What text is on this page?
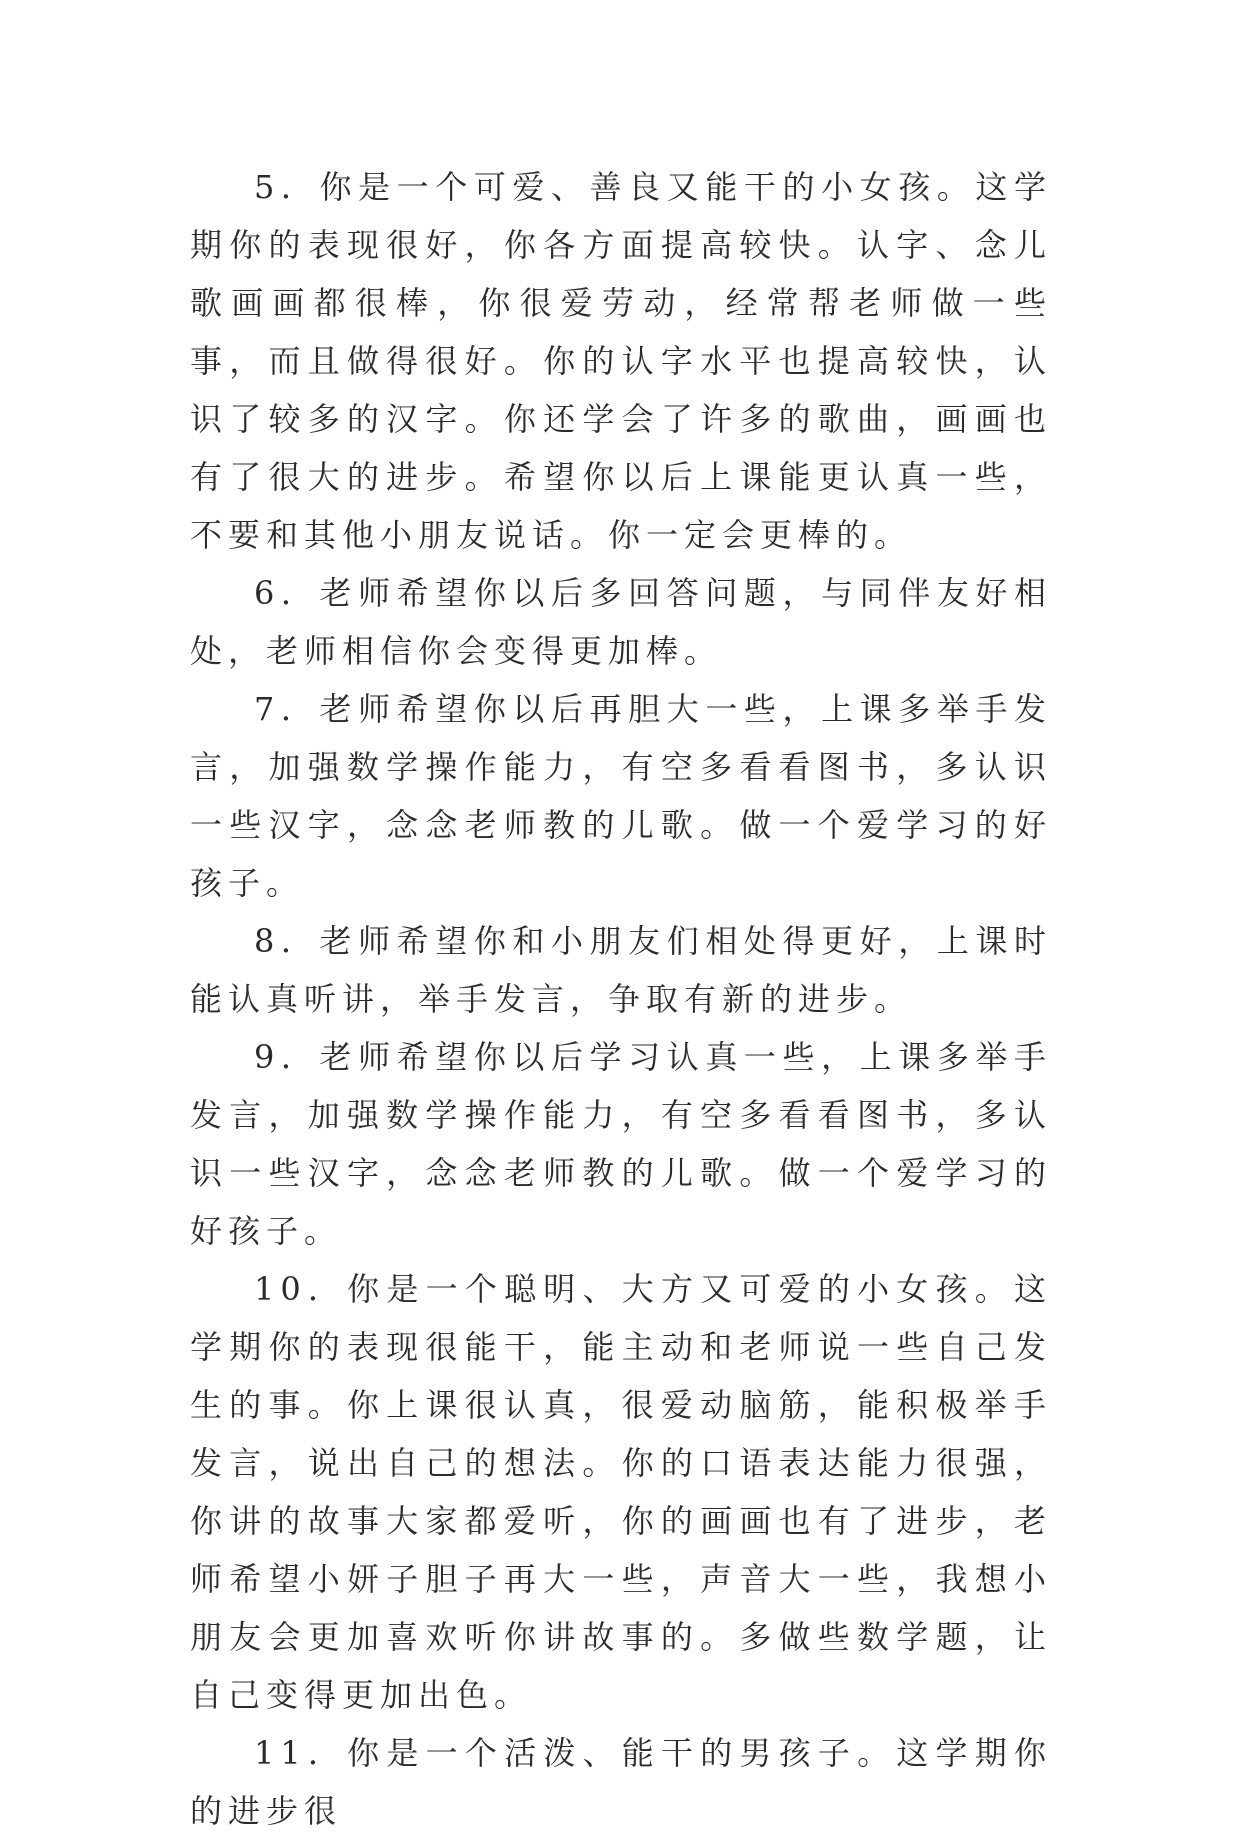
5．你是一个可爱、善良又能干的小女孩。这学期你的表现很好，你各方面提高较快。认字、念儿歌画画都很棒，你很爱劳动，经常帮老师做一些事，而且做得很好。你的认字水平也提高较快，认识了较多的汉字。你还学会了许多的歌曲，画画也有了很大的进步。希望你以后上课能更认真一些，不要和其他小朋友说话。你一定会更棒的。

6．老师希望你以后多回答问题，与同伴友好相处，老师相信你会变得更加棒。

7．老师希望你以后再胆大一些，上课多举手发言，加强数学操作能力，有空多看看图书，多认识一些汉字，念念老师教的儿歌。做一个爱学习的好孩子。

8．老师希望你和小朋友们相处得更好，上课时能认真听讲，举手发言，争取有新的进步。

9．老师希望你以后学习认真一些，上课多举手发言，加强数学操作能力，有空多看看图书，多认识一些汉字，念念老师教的儿歌。做一个爱学习的好孩子。

10．你是一个聪明、大方又可爱的小女孩。这学期你的表现很能干，能主动和老师说一些自己发生的事。你上课很认真，很爱动脑筋，能积极举手发言，说出自己的想法。你的口语表达能力很强，你讲的故事大家都爱听，你的画画也有了进步，老师希望小妍子胆子再大一些，声音大一些，我想小朋友会更加喜欢听你讲故事的。多做些数学题，让自己变得更加出色。

11．你是一个活泼、能干的男孩子。这学期你的进步很
